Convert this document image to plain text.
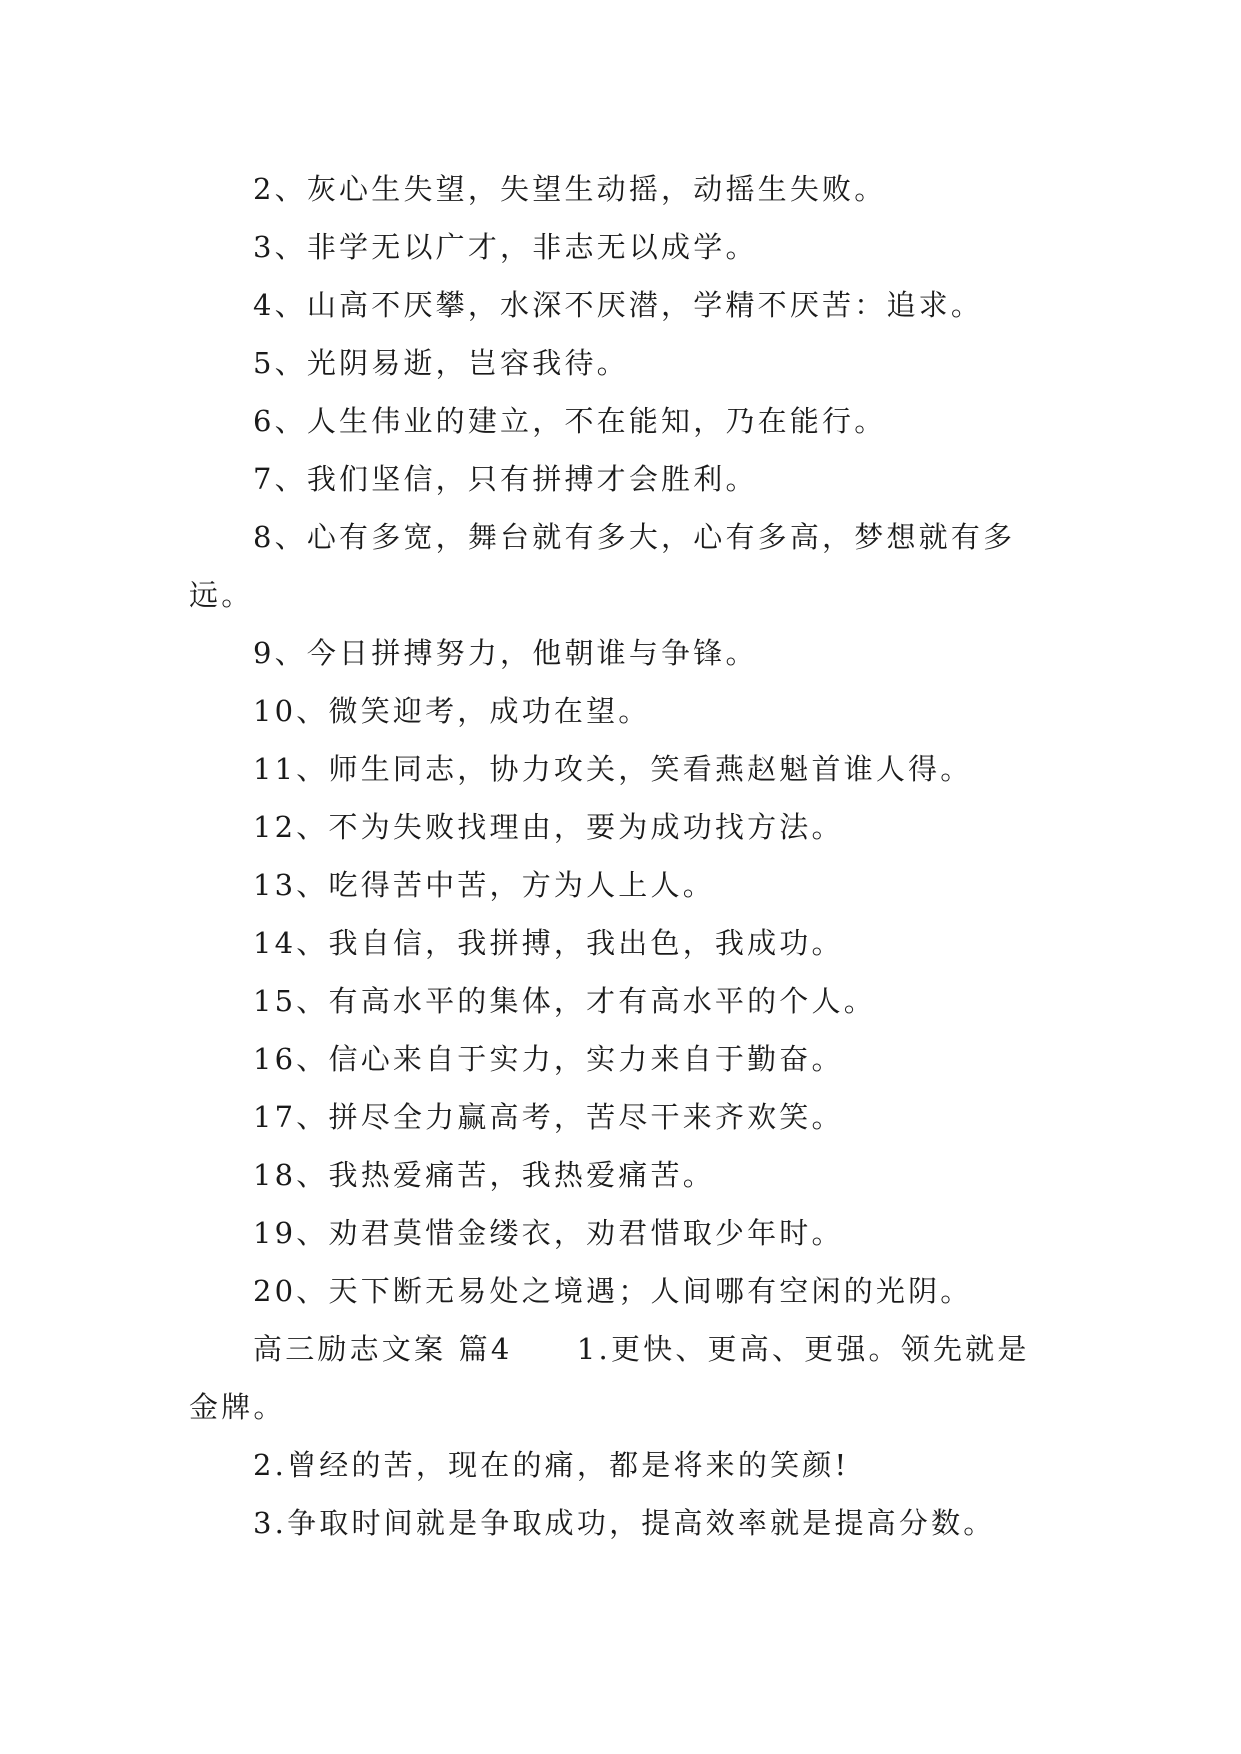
2、灰心生失望，失望生动摇，动摇生失败。

3、非学无以广才，非志无以成学。

4、山高不厌攀，水深不厌潜，学精不厌苦：追求。

5、光阴易逝，岂容我待。

6、人生伟业的建立，不在能知，乃在能行。

7、我们坚信，只有拼搏才会胜利。

8、心有多宽，舞台就有多大，心有多高，梦想就有多远。

9、今日拼搏努力，他朝谁与争锋。

10、微笑迎考，成功在望。

11、师生同志，协力攻关，笑看燕赵魁首谁人得。

12、不为失败找理由，要为成功找方法。

13、吃得苦中苦，方为人上人。

14、我自信，我拼搏，我出色，我成功。

15、有高水平的集体，才有高水平的个人。

16、信心来自于实力，实力来自于勤奋。

17、拼尽全力赢高考，苦尽干来齐欢笑。

18、我热爱痛苦，我热爱痛苦。

19、劝君莫惜金缕衣，劝君惜取少年时。

20、天下断无易处之境遇；人间哪有空闲的光阴。

高三励志文案 篇4　　1.更快、更高、更强。领先就是金牌。

2.曾经的苦，现在的痛，都是将来的笑颜!

3.争取时间就是争取成功，提高效率就是提高分数。
